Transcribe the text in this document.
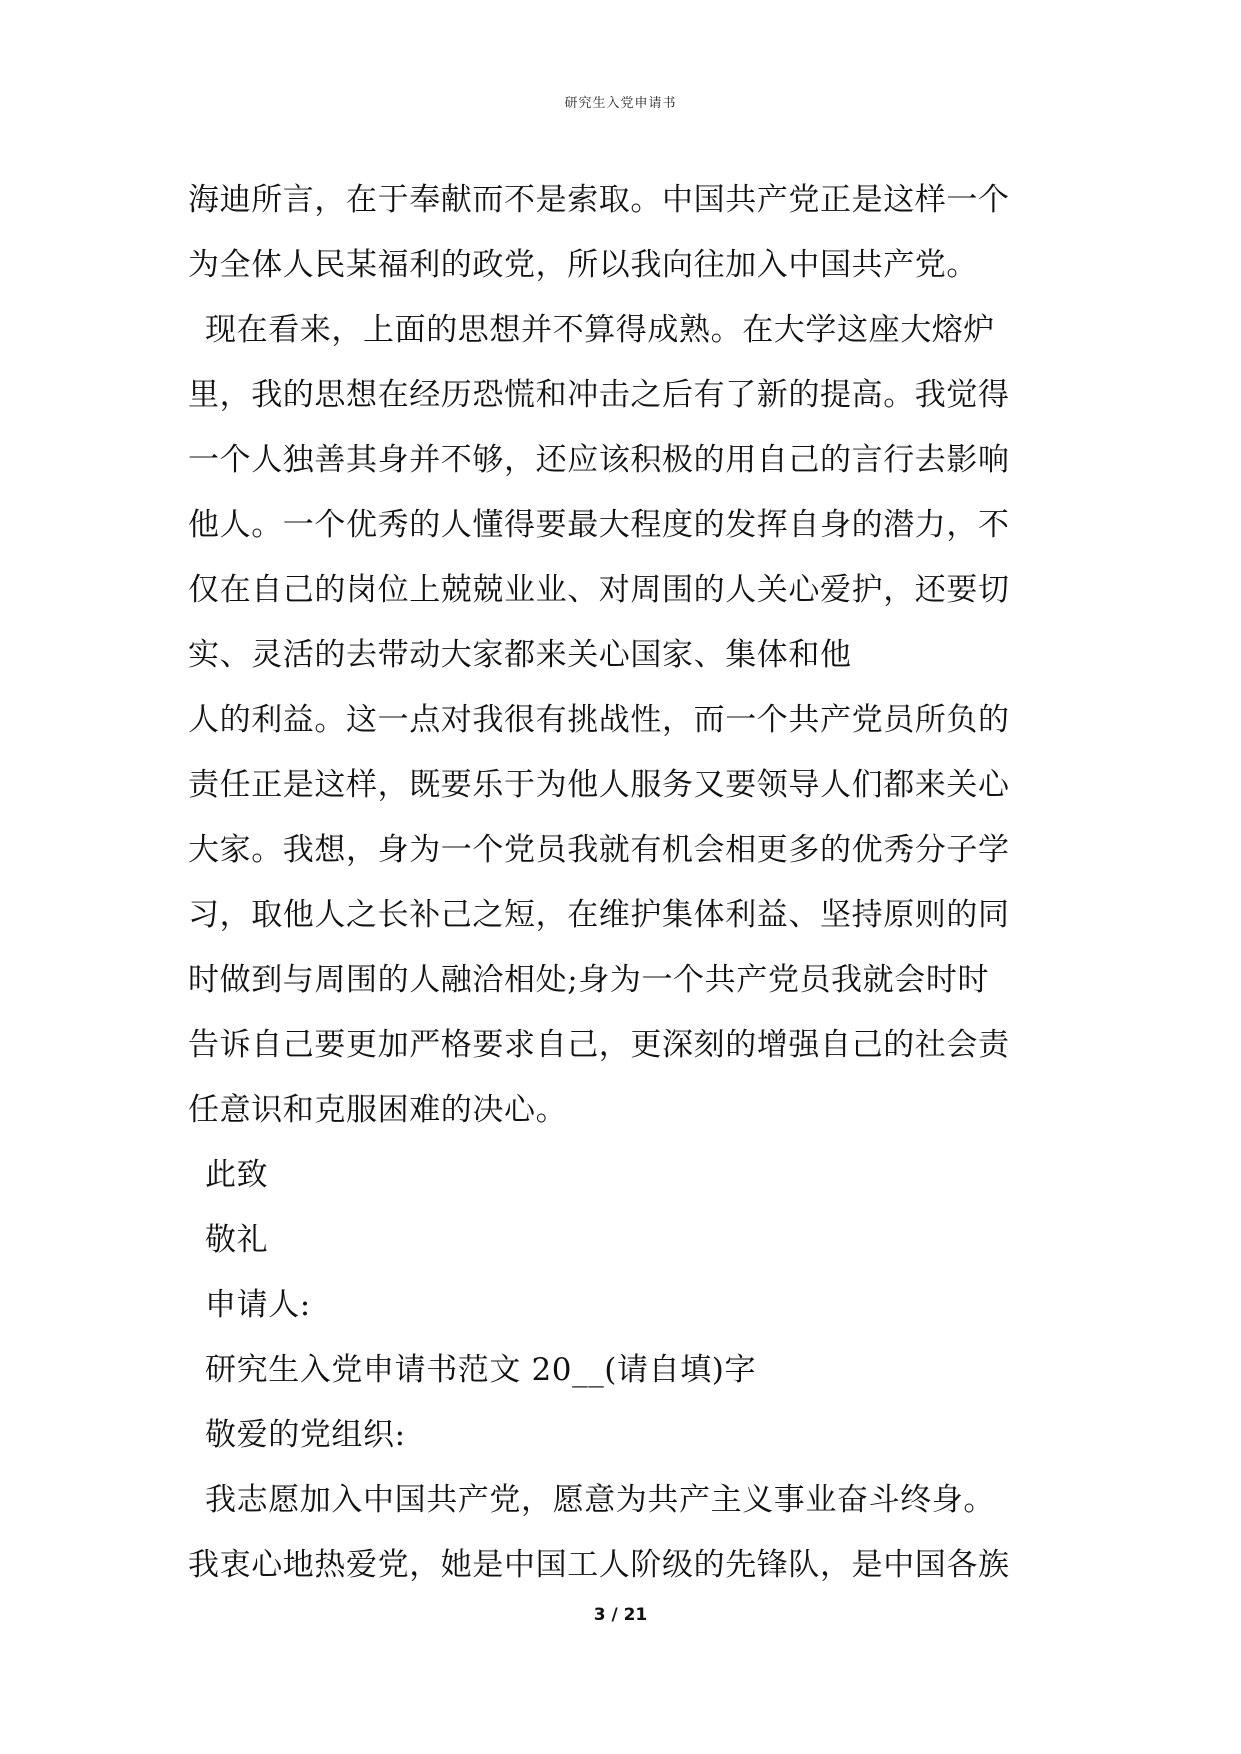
研究生入党申请书
海迪所言，在于奉献而不是索取。中国共产党正是这样一个
为全体人民某福利的政党，所以我向往加入中国共产党。
现在看来，上面的思想并不算得成熟。在大学这座大熔炉
里，我的思想在经历恐慌和冲击之后有了新的提高。我觉得
一个人独善其身并不够，还应该积极的用自己的言行去影响
他人。一个优秀的人懂得要最大程度的发挥自身的潜力，不
仅在自己的岗位上兢兢业业、对周围的人关心爱护，还要切
实、灵活的去带动大家都来关心国家、集体和他
人的利益。这一点对我很有挑战性，而一个共产党员所负的
责任正是这样，既要乐于为他人服务又要领导人们都来关心
大家。我想，身为一个党员我就有机会相更多的优秀分子学
习，取他人之长补己之短，在维护集体利益、坚持原则的同
时做到与周围的人融洽相处;身为一个共产党员我就会时时
告诉自己要更加严格要求自己，更深刻的增强自己的社会责
任意识和克服困难的决心。
此致
敬礼
申请人:
研究生入党申请书范文 20__(请自填)字
敬爱的党组织:
我志愿加入中国共产党，愿意为共产主义事业奋斗终身。
我衷心地热爱党，她是中国工人阶级的先锋队，是中国各族
3 / 21
